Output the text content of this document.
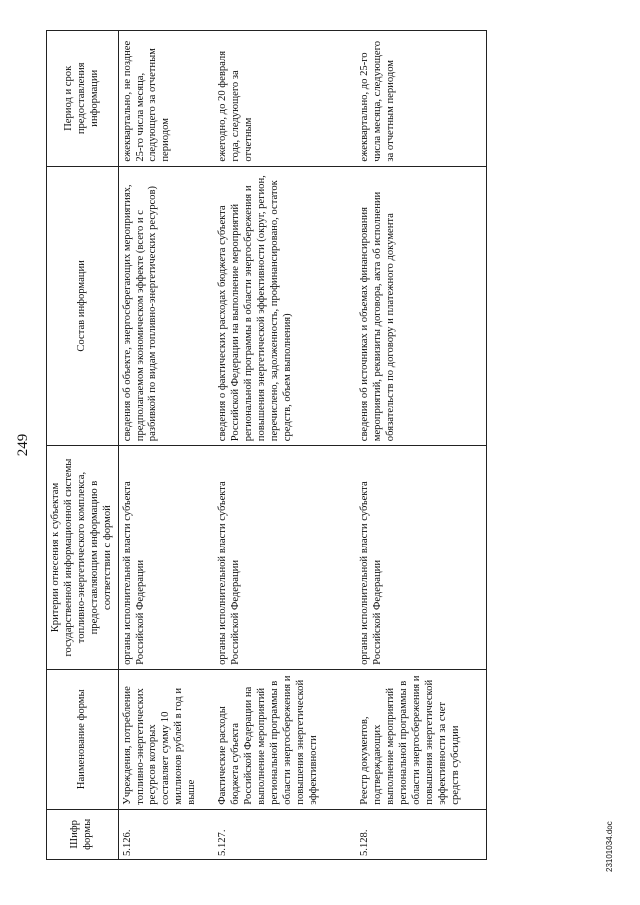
249
23101034.doc
Шифр формы	Наименование формы	Критерии отнесения к субъектам государственной информационной системы топливно-энергетического комплекса, предоставляющим информацию в соответствии с формой	Состав информации	Период и срок предоставления информации
5.126.	Учреждения, потребление топливно-энергетических ресурсов которых составляет сумму 10 миллионов рублей в год и выше	органы исполнительной власти субъекта Российской Федерации	сведения об объекте, энергосберегающих мероприятиях, предполагаемом экономическом эффекте (всего и с разбивкой по видам топливно-энергетических ресурсов)	ежеквартально, не позднее 25-го числа месяца, следующего за отчетным периодом
5.127.	Фактические расходы бюджета субъекта Российской Федерации на выполнение мероприятий региональной программы в области энергосбережения и повышения энергетической эффективности	органы исполнительной власти субъекта Российской Федерации	сведения о фактических расходах бюджета субъекта Российской Федерации на выполнение мероприятий региональной программы в области энергосбережения и повышения энергетической эффективности (округ, регион, перечислено, задолженность, профинансировано, остаток средств, объем выполнения)	ежегодно, до 20 февраля года, следующего за отчетным
5.128.	Реестр документов, подтверждающих выполнение мероприятий региональной программы в области энергосбережения и повышения энергетической эффективности за счет средств субсидии	органы исполнительной власти субъекта Российской Федерации	сведения об источниках и объемах финансирования мероприятий, реквизиты договора, акта об исполнении обязательств по договору и платежного документа	ежеквартально, до 25-го числа месяца, следующего за отчетным периодом
